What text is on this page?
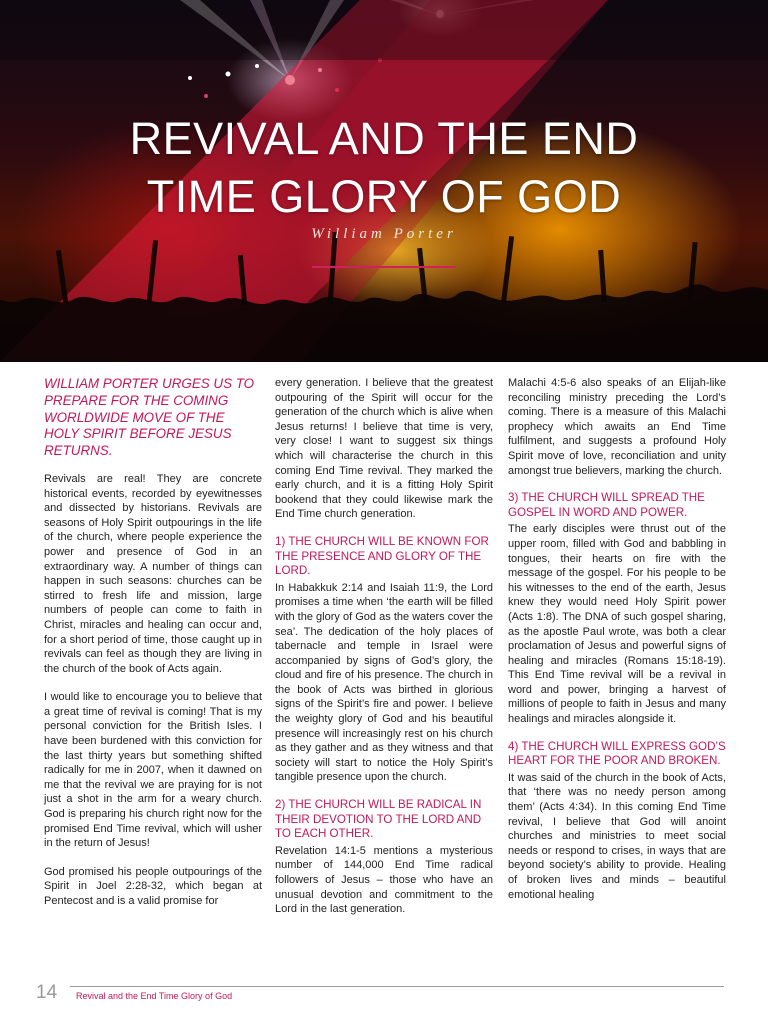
REVIVAL AND THE END
TIME GLORY OF GOD
William Porter
WILLIAM PORTER URGES US TO PREPARE FOR THE COMING WORLDWIDE MOVE OF THE HOLY SPIRIT BEFORE JESUS RETURNS.

Revivals are real! They are concrete historical events, recorded by eyewitnesses and dissected by historians. Revivals are seasons of Holy Spirit outpourings in the life of the church, where people experience the power and presence of God in an extraordinary way. A number of things can happen in such seasons: churches can be stirred to fresh life and mission, large numbers of people can come to faith in Christ, miracles and healing can occur and, for a short period of time, those caught up in revivals can feel as though they are living in the church of the book of Acts again.

I would like to encourage you to believe that a great time of revival is coming! That is my personal conviction for the British Isles. I have been burdened with this conviction for the last thirty years but something shifted radically for me in 2007, when it dawned on me that the revival we are praying for is not just a shot in the arm for a weary church. God is preparing his church right now for the promised End Time revival, which will usher in the return of Jesus!

God promised his people outpourings of the Spirit in Joel 2:28-32, which began at Pentecost and is a valid promise for

every generation. I believe that the greatest outpouring of the Spirit will occur for the generation of the church which is alive when Jesus returns! I believe that time is very, very close! I want to suggest six things which will characterise the church in this coming End Time revival. They marked the early church, and it is a fitting Holy Spirit bookend that they could likewise mark the End Time church generation.

1) THE CHURCH WILL BE KNOWN FOR THE PRESENCE AND GLORY OF THE LORD.

In Habakkuk 2:14 and Isaiah 11:9, the Lord promises a time when ‘the earth will be filled with the glory of God as the waters cover the sea’. The dedication of the holy places of tabernacle and temple in Israel were accompanied by signs of God’s glory, the cloud and fire of his presence. The church in the book of Acts was birthed in glorious signs of the Spirit’s fire and power. I believe the weighty glory of God and his beautiful presence will increasingly rest on his church as they gather and as they witness and that society will start to notice the Holy Spirit’s tangible presence upon the church.

2) THE CHURCH WILL BE RADICAL IN THEIR DEVOTION TO THE LORD AND TO EACH OTHER.

Revelation 14:1-5 mentions a mysterious number of 144,000 End Time radical followers of Jesus – those who have an unusual devotion and commitment to the Lord in the last generation.

Malachi 4:5-6 also speaks of an Elijah-like reconciling ministry preceding the Lord’s coming. There is a measure of this Malachi prophecy which awaits an End Time fulfilment, and suggests a profound Holy Spirit move of love, reconciliation and unity amongst true believers, marking the church.

3) THE CHURCH WILL SPREAD THE GOSPEL IN WORD AND POWER.

The early disciples were thrust out of the upper room, filled with God and babbling in tongues, their hearts on fire with the message of the gospel. For his people to be his witnesses to the end of the earth, Jesus knew they would need Holy Spirit power (Acts 1:8). The DNA of such gospel sharing, as the apostle Paul wrote, was both a clear proclamation of Jesus and powerful signs of healing and miracles (Romans 15:18-19). This End Time revival will be a revival in word and power, bringing a harvest of millions of people to faith in Jesus and many healings and miracles alongside it.

4) THE CHURCH WILL EXPRESS GOD’S HEART FOR THE POOR AND BROKEN.

It was said of the church in the book of Acts, that ‘there was no needy person among them’ (Acts 4:34). In this coming End Time revival, I believe that God will anoint churches and ministries to meet social needs or respond to crises, in ways that are beyond society’s ability to provide. Healing of broken lives and minds – beautiful emotional healing

14 Revival and the End Time Glory of God
